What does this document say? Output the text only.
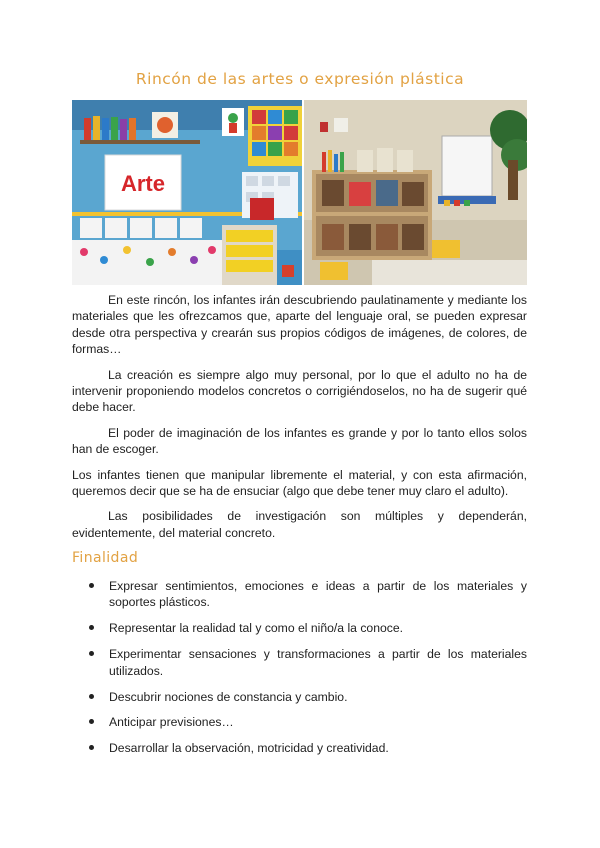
Rincón de las artes o expresión plástica
Arte

En este rincón, los infantes irán descubriendo paulatinamente y mediante los materiales que les ofrezcamos que, aparte del lenguaje oral, se pueden expresar desde otra perspectiva y crearán sus propios códigos de imágenes, de colores, de formas…

La creación es siempre algo muy personal, por lo que el adulto no ha de intervenir proponiendo modelos concretos o corrigiéndoselos, no ha de sugerir qué debe hacer.

El poder de imaginación de los infantes es grande y por lo tanto ellos solos han de escoger.

Los infantes tienen que manipular libremente el material, y con esta afirmación, queremos decir que se ha de ensuciar (algo que debe tener muy claro el adulto).

Las posibilidades de investigación son múltiples y dependerán, evidentemente, del material concreto.

Finalidad
Expresar sentimientos, emociones e ideas a partir de los materiales y soportes plásticos.
Representar la realidad tal y como el niño/a la conoce.
Experimentar sensaciones y transformaciones a partir de los materiales utilizados.
Descubrir nociones de constancia y cambio.
Anticipar previsiones…
Desarrollar la observación, motricidad y creatividad.
